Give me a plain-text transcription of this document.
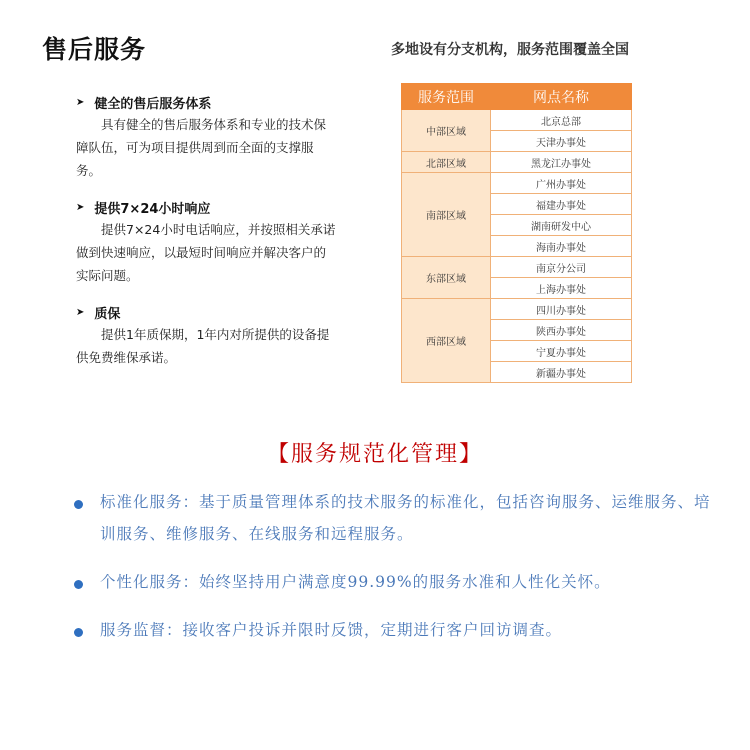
售后服务	多地设有分支机构，服务范围覆盖全国
➤ 健全的售后服务体系
具有健全的售后服务体系和专业的技术保障队伍，可为项目提供周到而全面的支撑服务。
➤ 提供7×24小时响应
提供7×24小时电话响应，并按照相关承诺做到快速响应，以最短时间响应并解决客户的实际问题。
➤ 质保
提供1年质保期，1年内对所提供的设备提供免费维保承诺。
服务范围	网点名称
中部区域	北京总部
	天津办事处
北部区域	黑龙江办事处
南部区域	广州办事处
	福建办事处
	湖南研发中心
	海南办事处
东部区域	南京分公司
	上海办事处
西部区域	四川办事处
	陕西办事处
	宁夏办事处
	新疆办事处
【服务规范化管理】
标准化服务：基于质量管理体系的技术服务的标准化，包括咨询服务、运维服务、培训服务、维修服务、在线服务和远程服务。
个性化服务：始终坚持用户满意度99.99%的服务水准和人性化关怀。
服务监督：接收客户投诉并限时反馈，定期进行客户回访调查。
